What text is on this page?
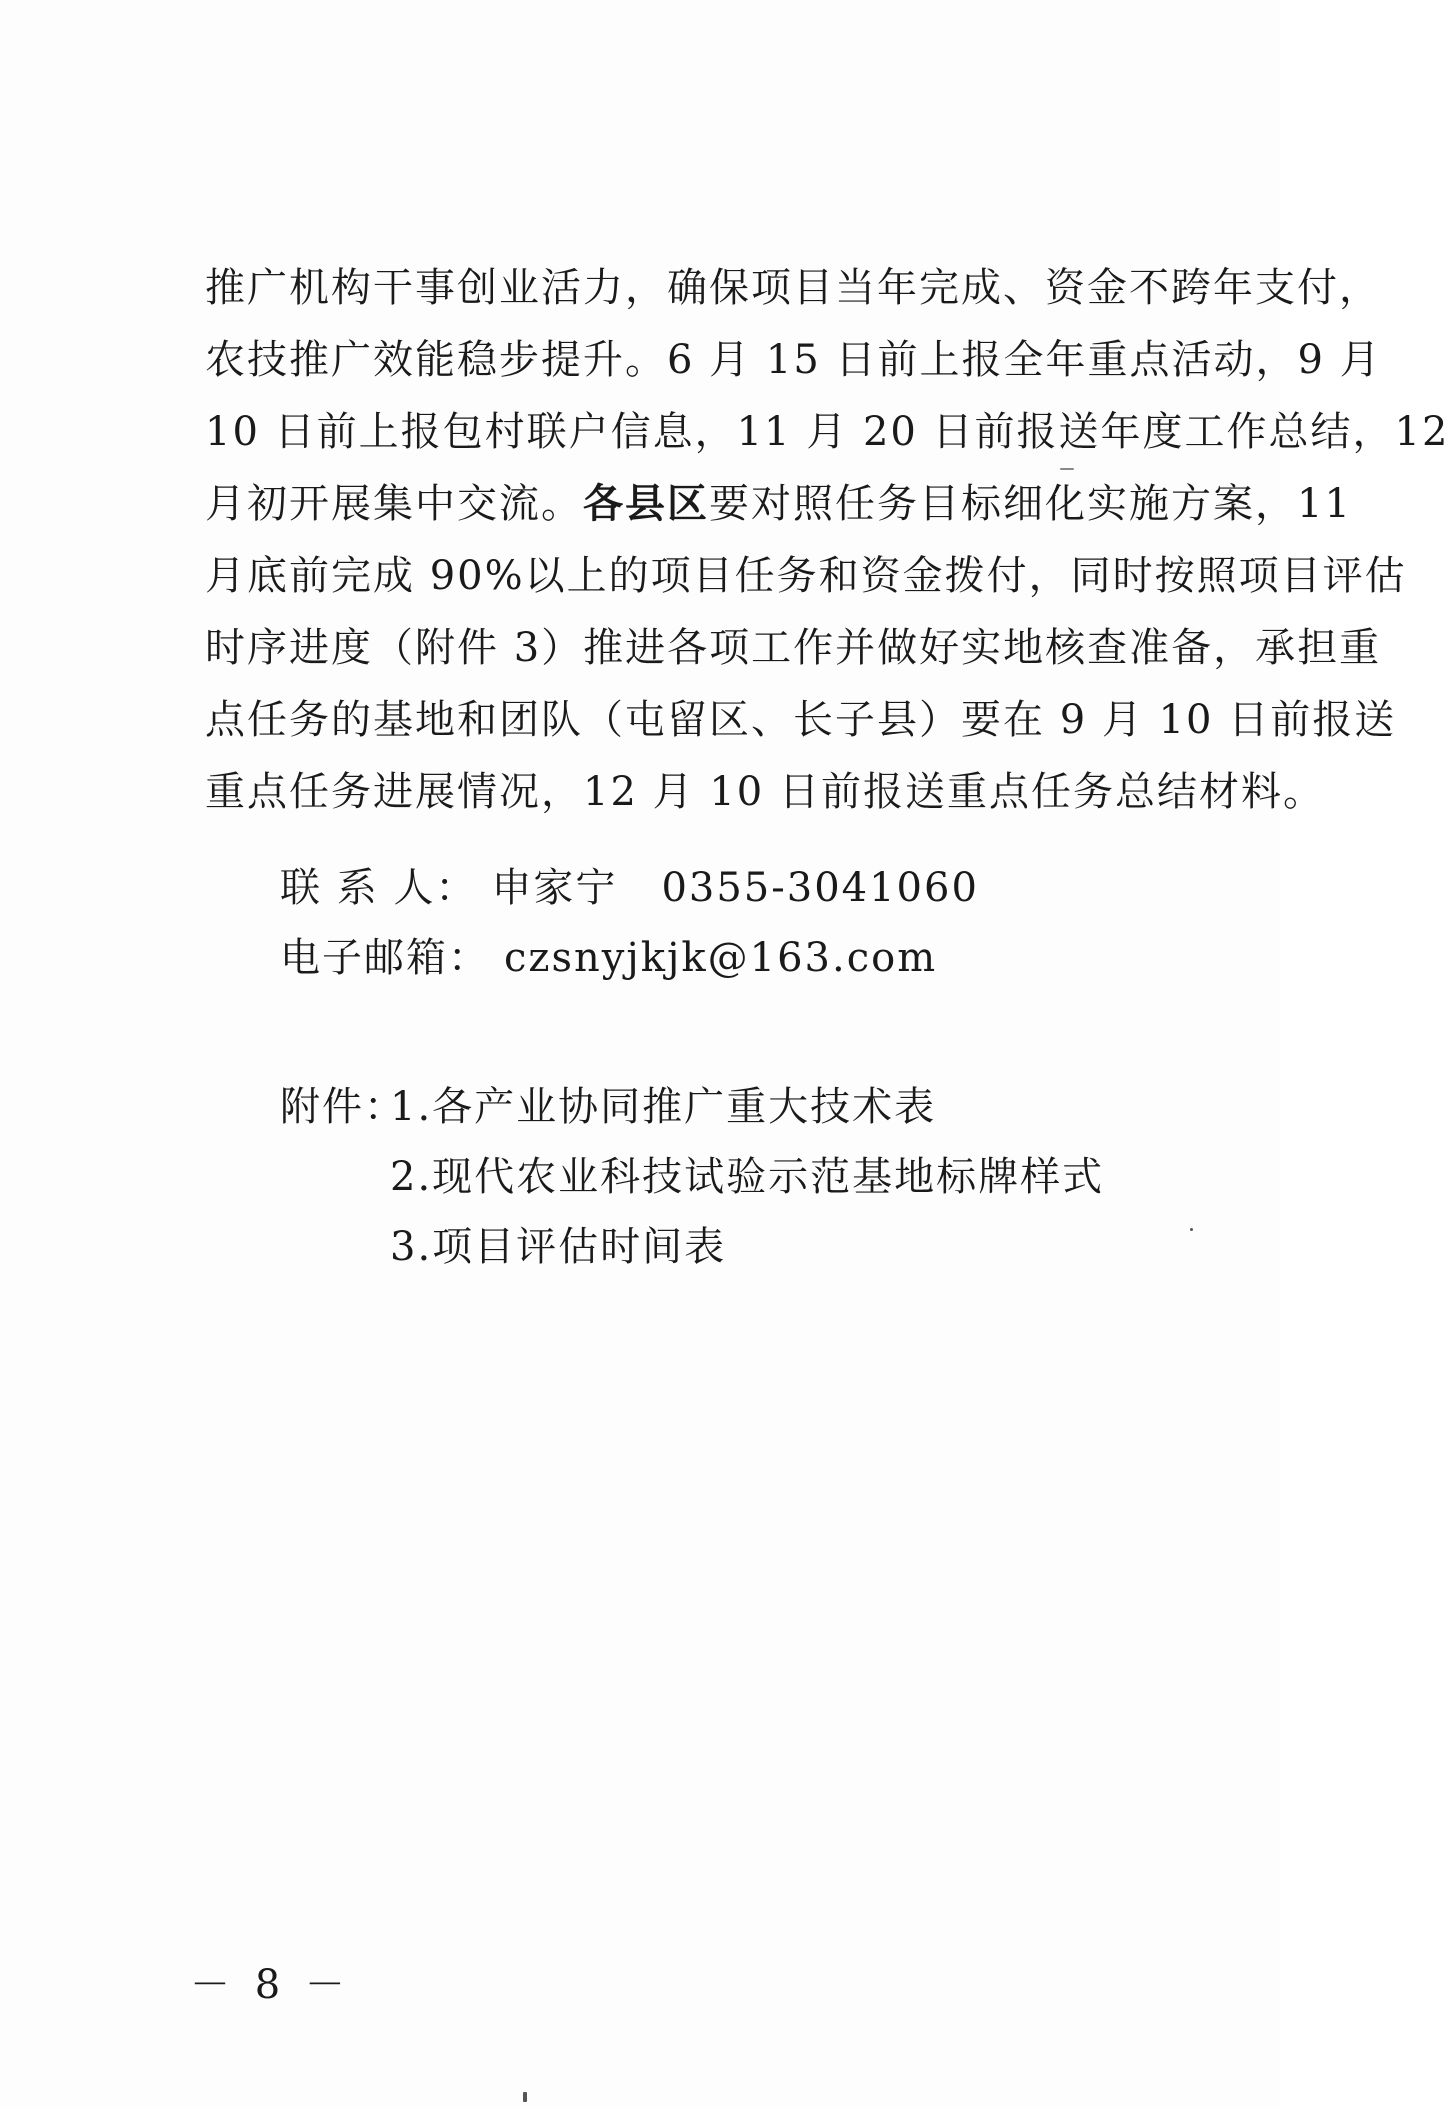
推广机构干事创业活力，确保项目当年完成、资金不跨年支付，
农技推广效能稳步提升。6 月 15 日前上报全年重点活动，9 月
10 日前上报包村联户信息，11 月 20 日前报送年度工作总结，12
月初开展集中交流。各县区要对照任务目标细化实施方案，11
月底前完成 90%以上的项目任务和资金拨付，同时按照项目评估
时序进度（附件 3）推进各项工作并做好实地核查准备，承担重
点任务的基地和团队（屯留区、长子县）要在 9 月 10 日前报送
重点任务进展情况，12 月 10 日前报送重点任务总结材料。
联 系 人： 申家宁 0355-3041060
电子邮箱： czsnyjkjk@163.com
附件：1.各产业协同推广重大技术表
2.现代农业科技试验示范基地标牌样式
3.项目评估时间表
－ 8 －
